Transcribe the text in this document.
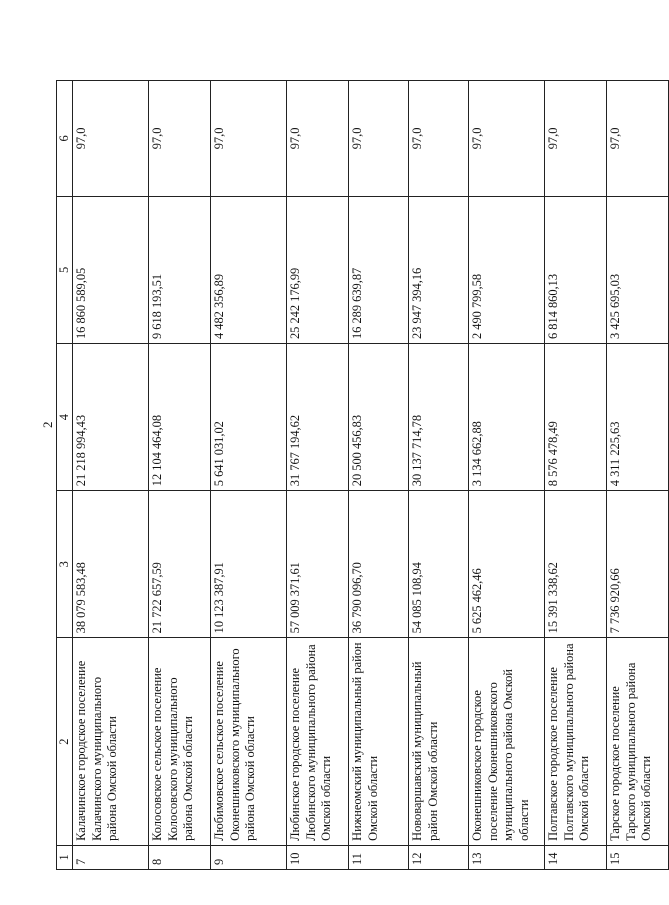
2
1	2	3	4	5	6
7	Калачинское городское поселение Калачинского муниципального района Омской области	38 079 583,48	21 218 994,43	16 860 589,05	97,0
8	Колосовское сельское поселение Колосовского муниципального района Омской области	21 722 657,59	12 104 464,08	9 618 193,51	97,0
9	Любимовское сельское поселение Оконешниковского муниципального района Омской области	10 123 387,91	5 641 031,02	4 482 356,89	97,0
10	Любинское городское поселение Любинского муниципального района Омской области	57 009 371,61	31 767 194,62	25 242 176,99	97,0
11	Нижнеомский муниципальный район Омской области	36 790 096,70	20 500 456,83	16 289 639,87	97,0
12	Нововаршавский муниципальный район Омской области	54 085 108,94	30 137 714,78	23 947 394,16	97,0
13	Оконешниковское городское поселение Оконешниковского муниципального района Омской области	5 625 462,46	3 134 662,88	2 490 799,58	97,0
14	Полтавское городское поселение Полтавского муниципального района Омской области	15 391 338,62	8 576 478,49	6 814 860,13	97,0
15	Тарское городское поселение Тарского муниципального района Омской области	7 736 920,66	4 311 225,63	3 425 695,03	97,0
